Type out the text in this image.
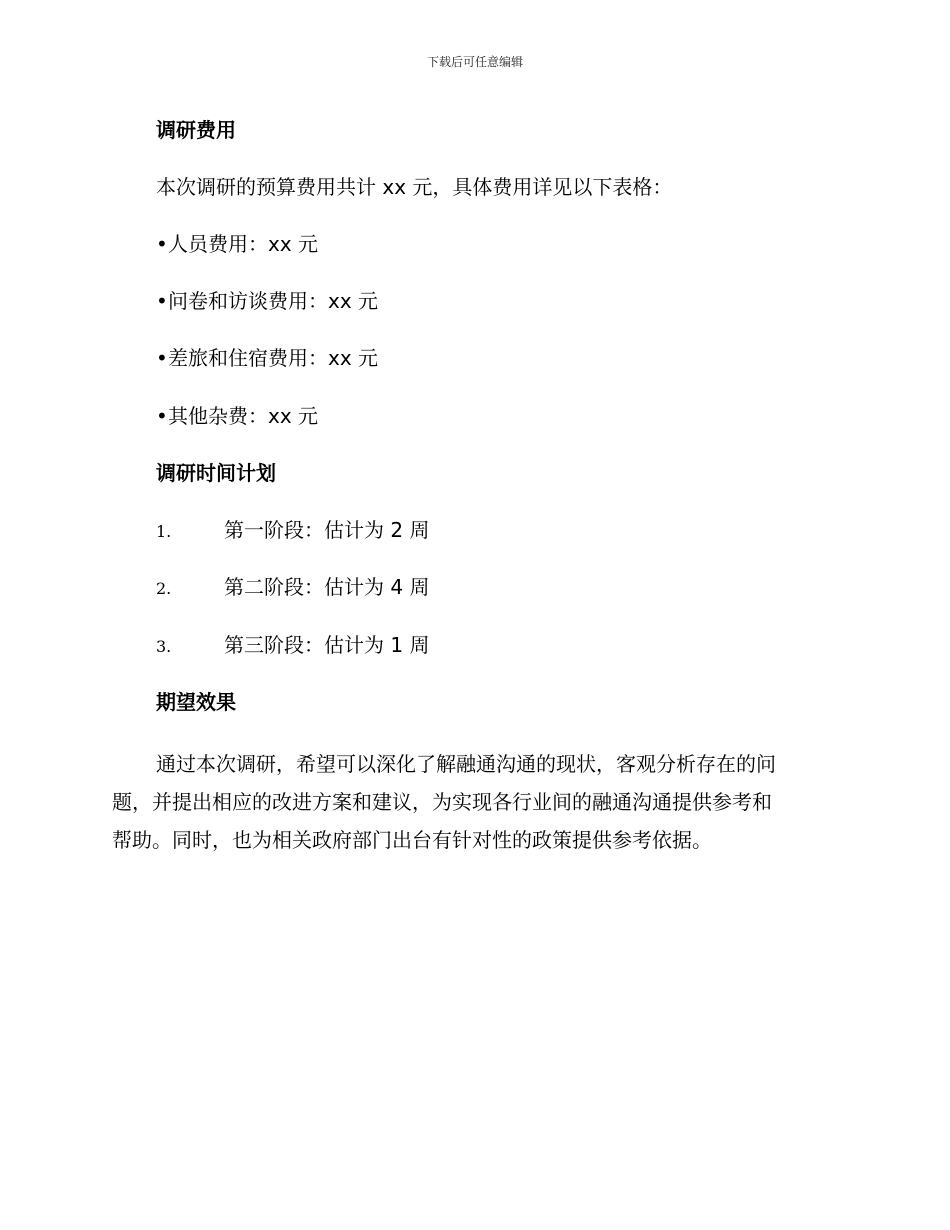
下载后可任意编辑
调研费用
本次调研的预算费用共计 xx 元，具体费用详见以下表格：
•人员费用：xx 元
•问卷和访谈费用：xx 元
•差旅和住宿费用：xx 元
•其他杂费：xx 元
调研时间计划
1.	第一阶段：估计为 2 周
2.	第二阶段：估计为 4 周
3.	第三阶段：估计为 1 周
期望效果
通过本次调研，希望可以深化了解融通沟通的现状，客观分析存在的问
题，并提出相应的改进方案和建议，为实现各行业间的融通沟通提供参考和
帮助。同时，也为相关政府部门出台有针对性的政策提供参考依据。
